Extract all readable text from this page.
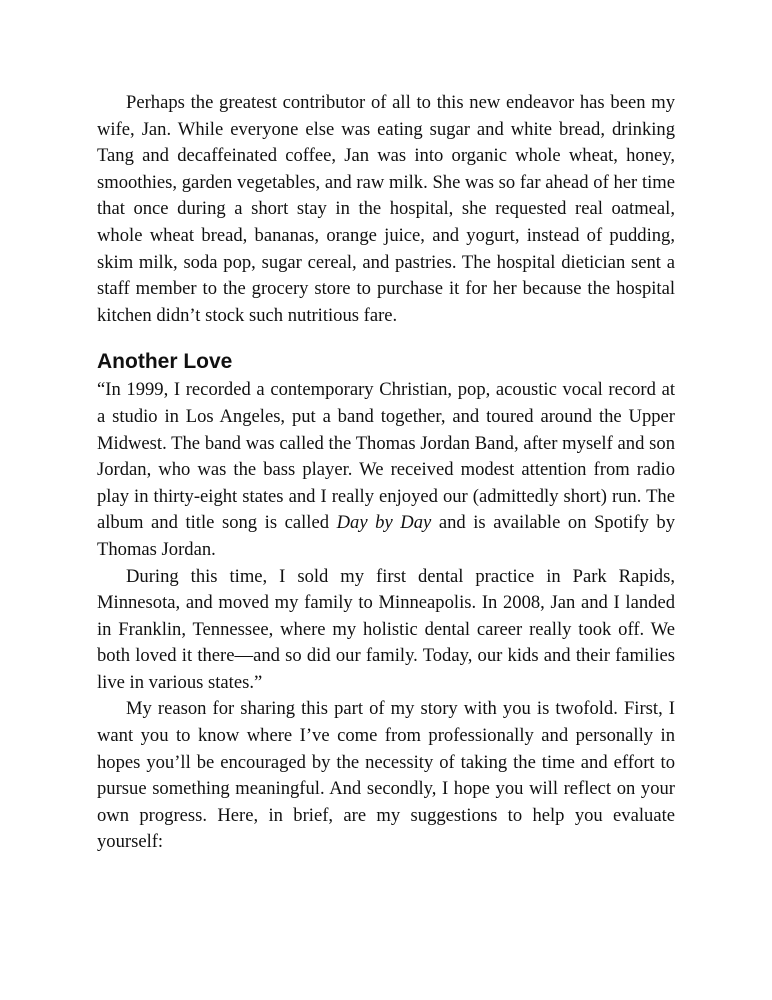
Perhaps the greatest contributor of all to this new endeavor has been my wife, Jan. While everyone else was eating sugar and white bread, drinking Tang and decaffeinated coffee, Jan was into organic whole wheat, honey, smoothies, garden vegetables, and raw milk. She was so far ahead of her time that once during a short stay in the hospital, she requested real oatmeal, whole wheat bread, bananas, orange juice, and yogurt, instead of pudding, skim milk, soda pop, sugar cereal, and pastries. The hospital dietician sent a staff member to the grocery store to purchase it for her because the hospital kitchen didn’t stock such nutritious fare.

Another Love

“In 1999, I recorded a contemporary Christian, pop, acoustic vocal record at a studio in Los Angeles, put a band together, and toured around the Upper Midwest. The band was called the Thomas Jordan Band, after myself and son Jordan, who was the bass player. We received modest attention from radio play in thirty-eight states and I really enjoyed our (admittedly short) run. The album and title song is called Day by Day and is available on Spotify by Thomas Jordan.

During this time, I sold my first dental practice in Park Rapids, Minnesota, and moved my family to Minneapolis. In 2008, Jan and I landed in Franklin, Tennessee, where my holistic dental career really took off. We both loved it there—and so did our family. Today, our kids and their families live in various states.”

My reason for sharing this part of my story with you is twofold. First, I want you to know where I’ve come from professionally and personally in hopes you’ll be encouraged by the necessity of taking the time and effort to pursue something meaningful. And secondly, I hope you will reflect on your own progress. Here, in brief, are my suggestions to help you evaluate yourself:
